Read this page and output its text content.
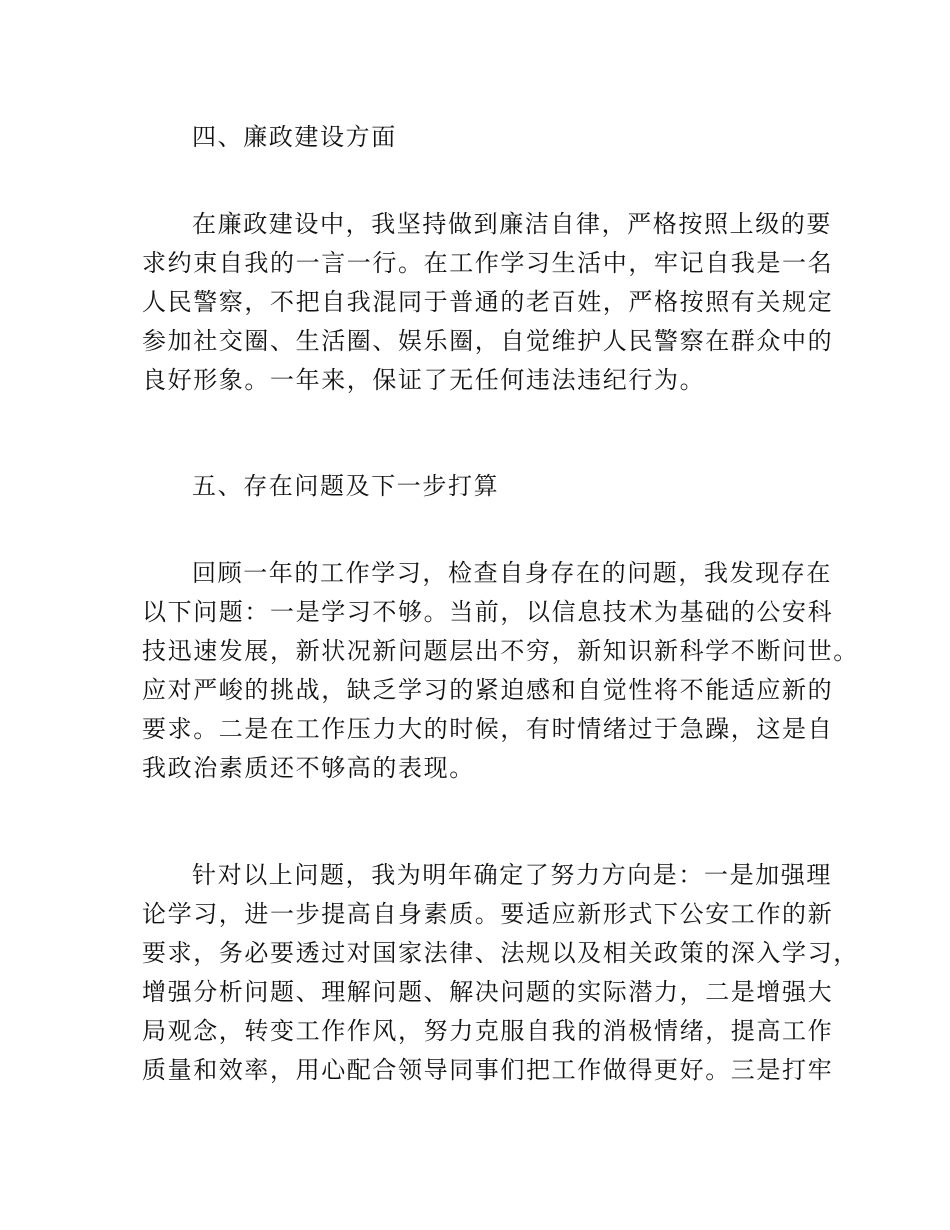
四、廉政建设方面
在廉政建设中，我坚持做到廉洁自律，严格按照上级的要
求约束自我的一言一行。在工作学习生活中，牢记自我是一名
人民警察，不把自我混同于普通的老百姓，严格按照有关规定
参加社交圈、生活圈、娱乐圈，自觉维护人民警察在群众中的
良好形象。一年来，保证了无任何违法违纪行为。
五、存在问题及下一步打算
回顾一年的工作学习，检查自身存在的问题，我发现存在
以下问题：一是学习不够。当前，以信息技术为基础的公安科
技迅速发展，新状况新问题层出不穷，新知识新科学不断问世。
应对严峻的挑战，缺乏学习的紧迫感和自觉性将不能适应新的
要求。二是在工作压力大的时候，有时情绪过于急躁，这是自
我政治素质还不够高的表现。
针对以上问题，我为明年确定了努力方向是：一是加强理
论学习，进一步提高自身素质。要适应新形式下公安工作的新
要求，务必要透过对国家法律、法规以及相关政策的深入学习，
增强分析问题、理解问题、解决问题的实际潜力，二是增强大
局观念，转变工作作风，努力克服自我的消极情绪，提高工作
质量和效率，用心配合领导同事们把工作做得更好。三是打牢
